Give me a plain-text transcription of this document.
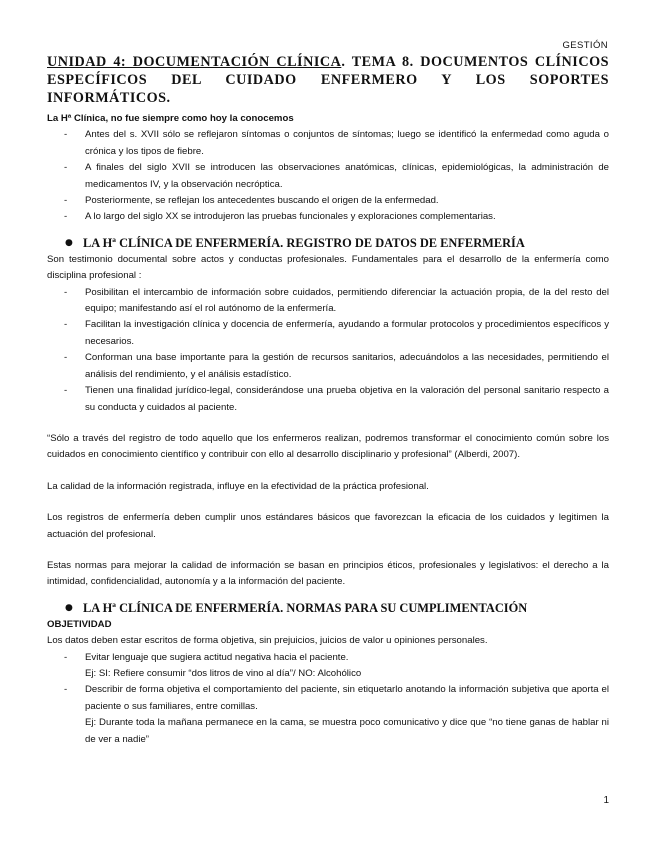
GESTIÓN
UNIDAD 4: DOCUMENTACIÓN CLÍNICA. TEMA 8. DOCUMENTOS CLÍNICOS ESPECÍFICOS DEL CUIDADO ENFERMERO Y LOS SOPORTES INFORMÁTICOS.

La Hª Clínica, no fue siempre como hoy la conocemos

- Antes del s. XVII sólo se reflejaron síntomas o conjuntos de síntomas; luego se identificó la enfermedad como aguda o crónica y los tipos de fiebre.
- A finales del siglo XVII se introducen las observaciones anatómicas, clínicas, epidemiológicas, la administración de medicamentos IV, y la observación necróptica.
- Posteriormente, se reflejan los antecedentes buscando el origen de la enfermedad.
- A lo largo del siglo XX se introdujeron las pruebas funcionales y exploraciones complementarias.
● LA Hª CLÍNICA DE ENFERMERÍA. REGISTRO DE DATOS DE ENFERMERÍA

Son testimonio documental sobre actos y conductas profesionales. Fundamentales para el desarrollo de la enfermería como disciplina profesional :

- Posibilitan el intercambio de información sobre cuidados, permitiendo diferenciar la actuación propia, de la del resto del equipo; manifestando así el rol autónomo de la enfermería.
- Facilitan la investigación clínica y docencia de enfermería, ayudando a formular protocolos y procedimientos específicos y necesarios.
- Conforman una base importante para la gestión de recursos sanitarios, adecuándolos a las necesidades, permitiendo el análisis del rendimiento, y el análisis estadístico.
- Tienen una finalidad jurídico-legal, considerándose una prueba objetiva en la valoración del personal sanitario respecto a su conducta y cuidados al paciente.

“Sólo a través del registro de todo aquello que los enfermeros realizan, podremos transformar el conocimiento común sobre los cuidados en conocimiento científico y contribuir con ello al desarrollo disciplinario y profesional” (Alberdi, 2007).

La calidad de la información registrada, influye en la efectividad de la práctica profesional.

Los registros de enfermería deben cumplir unos estándares básicos que favorezcan la eficacia de los cuidados y legitimen la actuación del profesional.

Estas normas para mejorar la calidad de información se basan en principios éticos, profesionales y legislativos: el derecho a la intimidad, confidencialidad, autonomía y a la información del paciente.

● LA Hª CLÍNICA DE ENFERMERÍA. NORMAS PARA SU CUMPLIMENTACIÓN

OBJETIVIDAD

Los datos deben estar escritos de forma objetiva, sin prejuicios, juicios de valor u opiniones personales.

- Evitar lenguaje que sugiera actitud negativa hacia el paciente.
Ej: SI: Refiere consumir “dos litros de vino al día”/ NO: Alcohólico
- Describir de forma objetiva el comportamiento del paciente, sin etiquetarlo anotando la información subjetiva que aporta el paciente o sus familiares, entre comillas.
Ej: Durante toda la mañana permanece en la cama, se muestra poco comunicativo y dice que “no tiene ganas de hablar ni de ver a nadie”
1
